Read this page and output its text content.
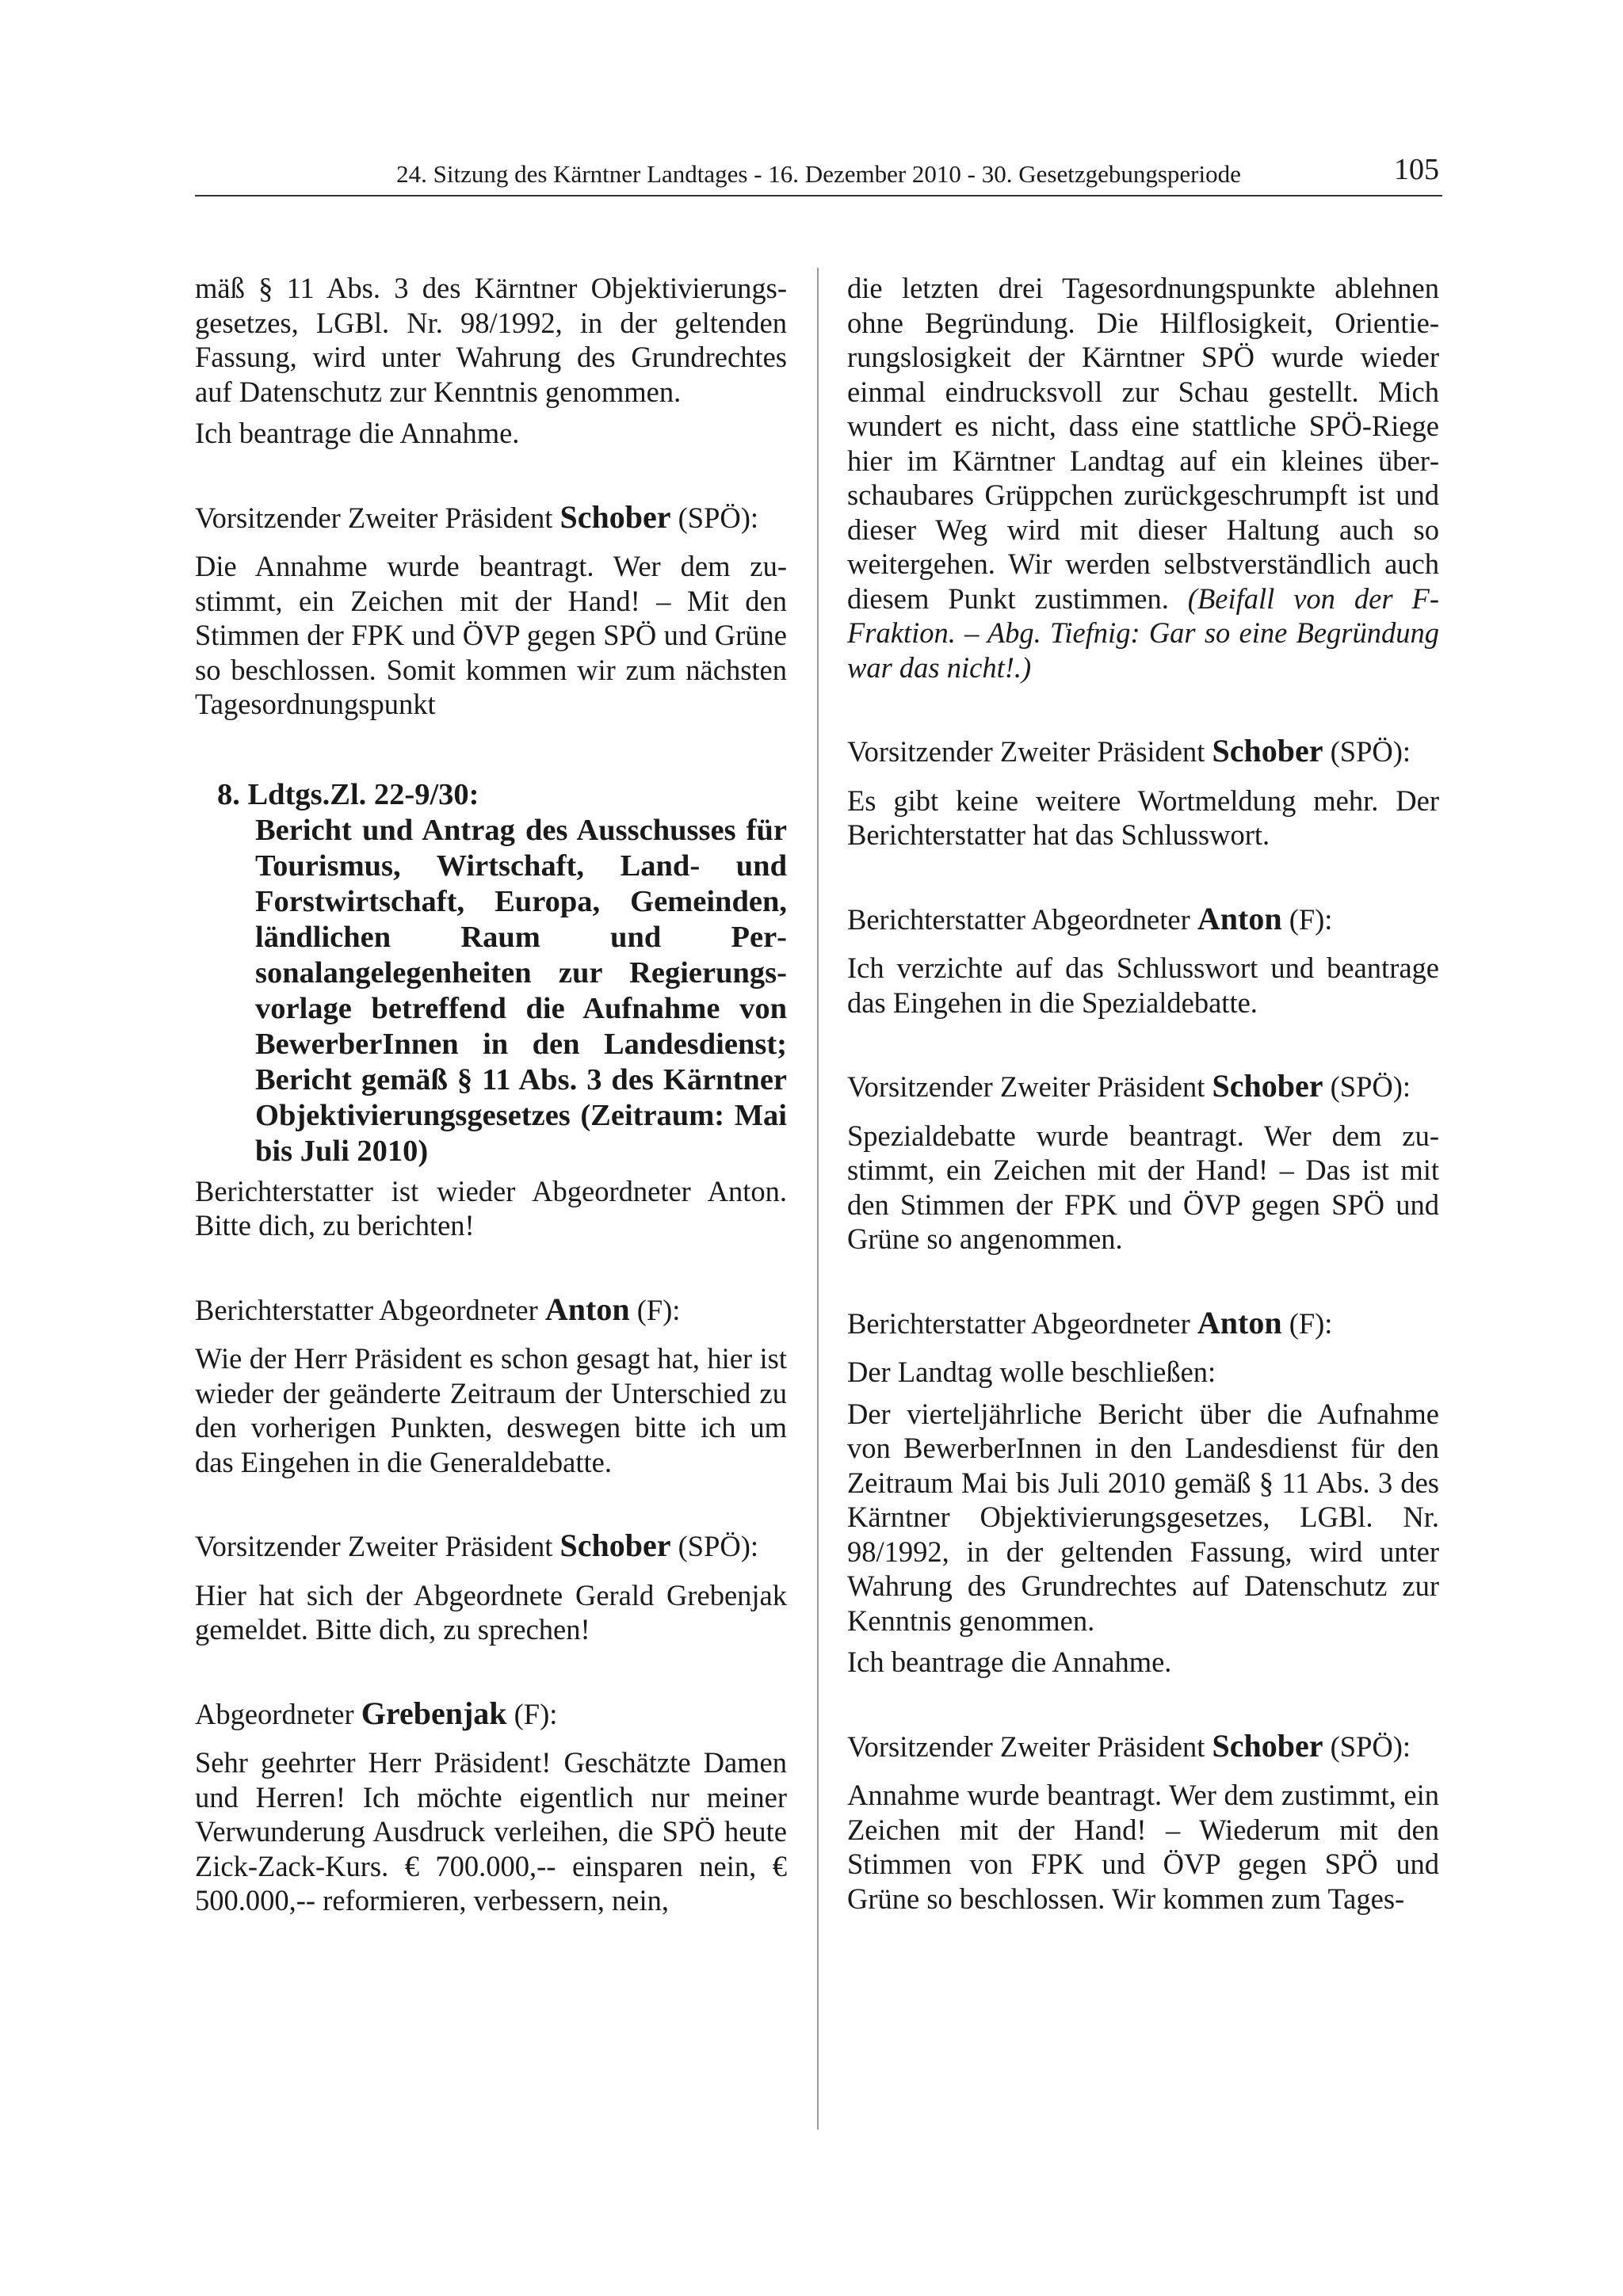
24. Sitzung des Kärntner Landtages - 16. Dezember 2010 - 30. Gesetzgebungsperiode	105

mäß § 11 Abs. 3 des Kärntner Objektivierungsgesetzes, LGBl. Nr. 98/1992, in der geltenden Fassung, wird unter Wahrung des Grundrechtes auf Datenschutz zur Kenntnis genommen.

Ich beantrage die Annahme.

Vorsitzender Zweiter Präsident Schober (SPÖ):

Die Annahme wurde beantragt. Wer dem zustimmt, ein Zeichen mit der Hand! – Mit den Stimmen der FPK und ÖVP gegen SPÖ und Grüne so beschlossen. Somit kommen wir zum nächsten Tagesordnungspunkt

8. Ldtgs.Zl. 22-9/30:
Bericht und Antrag des Ausschusses für Tourismus, Wirtschaft, Land- und Forstwirtschaft, Europa, Gemeinden, ländlichen Raum und Personalangelegenheiten zur Regierungsvorlage betreffend die Aufnahme von BewerberInnen in den Landesdienst; Bericht gemäß § 11 Abs. 3 des Kärntner Objektivierungsgesetzes (Zeitraum: Mai bis Juli 2010)

Berichterstatter ist wieder Abgeordneter Anton. Bitte dich, zu berichten!

Berichterstatter Abgeordneter Anton (F):

Wie der Herr Präsident es schon gesagt hat, hier ist wieder der geänderte Zeitraum der Unterschied zu den vorherigen Punkten, deswegen bitte ich um das Eingehen in die Generaldebatte.

Vorsitzender Zweiter Präsident Schober (SPÖ):

Hier hat sich der Abgeordnete Gerald Grebenjak gemeldet. Bitte dich, zu sprechen!

Abgeordneter Grebenjak (F):

Sehr geehrter Herr Präsident! Geschätzte Damen und Herren! Ich möchte eigentlich nur meiner Verwunderung Ausdruck verleihen, die SPÖ heute Zick-Zack-Kurs. € 700.000,-- einsparen nein, € 500.000,-- reformieren, verbessern, nein,

die letzten drei Tagesordnungspunkte ablehnen ohne Begründung. Die Hilflosigkeit, Orientierungslosigkeit der Kärntner SPÖ wurde wieder einmal eindrucksvoll zur Schau gestellt. Mich wundert es nicht, dass eine stattliche SPÖ-Riege hier im Kärntner Landtag auf ein kleines überschaubares Grüppchen zurückgeschrumpft ist und dieser Weg wird mit dieser Haltung auch so weitergehen. Wir werden selbstverständlich auch diesem Punkt zustimmen. (Beifall von der F-Fraktion. – Abg. Tiefnig: Gar so eine Begründung war das nicht!.)

Vorsitzender Zweiter Präsident Schober (SPÖ):

Es gibt keine weitere Wortmeldung mehr. Der Berichterstatter hat das Schlusswort.

Berichterstatter Abgeordneter Anton (F):

Ich verzichte auf das Schlusswort und beantrage das Eingehen in die Spezialdebatte.

Vorsitzender Zweiter Präsident Schober (SPÖ):

Spezialdebatte wurde beantragt. Wer dem zustimmt, ein Zeichen mit der Hand! – Das ist mit den Stimmen der FPK und ÖVP gegen SPÖ und Grüne so angenommen.

Berichterstatter Abgeordneter Anton (F):

Der Landtag wolle beschließen:

Der vierteljährliche Bericht über die Aufnahme von BewerberInnen in den Landesdienst für den Zeitraum Mai bis Juli 2010 gemäß § 11 Abs. 3 des Kärntner Objektivierungsgesetzes, LGBl. Nr. 98/1992, in der geltenden Fassung, wird unter Wahrung des Grundrechtes auf Datenschutz zur Kenntnis genommen.

Ich beantrage die Annahme.

Vorsitzender Zweiter Präsident Schober (SPÖ):

Annahme wurde beantragt. Wer dem zustimmt, ein Zeichen mit der Hand! – Wiederum mit den Stimmen von FPK und ÖVP gegen SPÖ und Grüne so beschlossen. Wir kommen zum Tages-
